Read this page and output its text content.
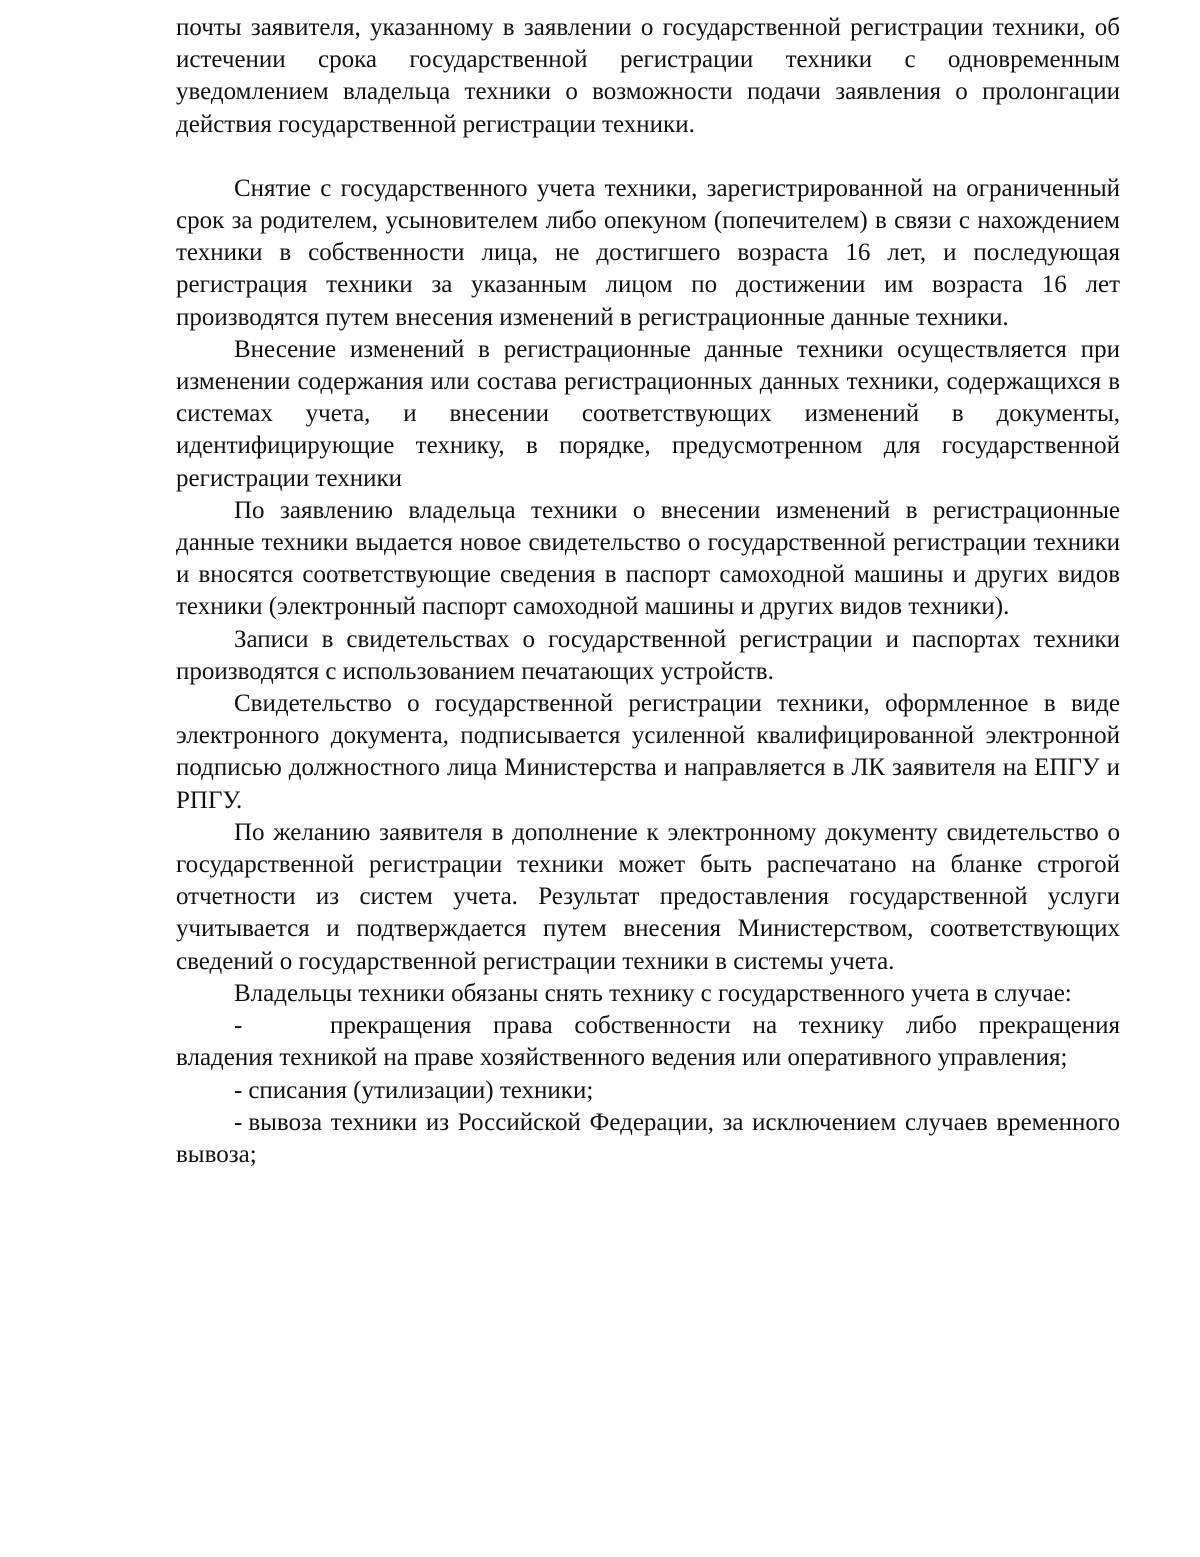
почты заявителя, указанному в заявлении о государственной регистрации техники, об истечении срока государственной регистрации техники с одновременным уведомлением владельца техники о возможности подачи заявления о пролонгации действия государственной регистрации техники.

Снятие с государственного учета техники, зарегистрированной на ограниченный срок за родителем, усыновителем либо опекуном (попечителем) в связи с нахождением техники в собственности лица, не достигшего возраста 16 лет, и последующая регистрация техники за указанным лицом по достижении им возраста 16 лет производятся путем внесения изменений в регистрационные данные техники.

Внесение изменений в регистрационные данные техники осуществляется при изменении содержания или состава регистрационных данных техники, содержащихся в системах учета, и внесении соответствующих изменений в документы, идентифицирующие технику, в порядке, предусмотренном для государственной регистрации техники

По заявлению владельца техники о внесении изменений в регистрационные данные техники выдается новое свидетельство о государственной регистрации техники и вносятся соответствующие сведения в паспорт самоходной машины и других видов техники (электронный паспорт самоходной машины и других видов техники).

Записи в свидетельствах о государственной регистрации и паспортах техники производятся с использованием печатающих устройств.

Свидетельство о государственной регистрации техники, оформленное в виде электронного документа, подписывается усиленной квалифицированной электронной подписью должностного лица Министерства и направляется в ЛК заявителя на ЕПГУ и РПГУ.

По желанию заявителя в дополнение к электронному документу свидетельство о государственной регистрации техники может быть распечатано на бланке строгой отчетности из систем учета. Результат предоставления государственной услуги учитывается и подтверждается путем внесения Министерством, соответствующих сведений о государственной регистрации техники в системы учета.

Владельцы техники обязаны снять технику с государственного учета в случае:

-	прекращения права собственности на технику либо прекращения владения техникой на праве хозяйственного ведения или оперативного управления;

- списания (утилизации) техники;

- вывоза техники из Российской Федерации, за исключением случаев временного вывоза;
